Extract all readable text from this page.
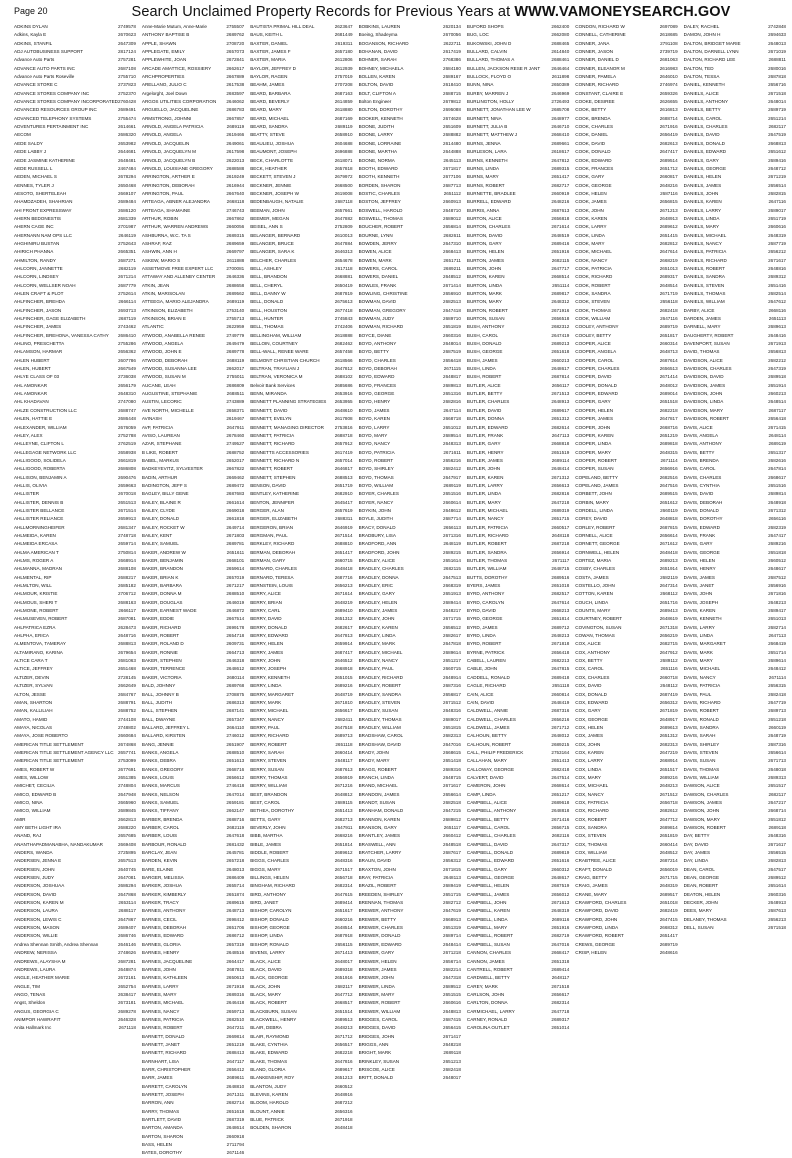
Page 20	Search Unclaimed Property Records for Previous Years at WWW.VAMONEYSEARCH.GOV
ADKINS DYLAN	2749578
Adkins, Kayla E	2670623
ADKINS, STANFIL	2647309
ADJ AUTOBUSINESS SUPPORT	2817124
Advance Auto Parts	2757281
ADVANCE AUTO PARTS INC	2687108
Advance Auto Parts Roseville	2755710
ADVANCE STORE C	2737823
ADVANCE STORES COMPANY INC	2752370
ADVANCE STORES COMPANY INCORPORATED 2760428
ADVANCED RESOURCES GROUP INC	2689491
ADVANCED TELEPHONY SYSTEMS	2755474
ADVENTURES PERTAINMENT INC	2614661
AECOM	2686320
AEDE SALDY	2653982
AEDE LABBY J	2644681
AEDE JASMINE KATHERINE	2648481
AEDE RUSSELL L	2467484
AEDEN, MICHAEL S	2678294
AENNES, TYLER J	2650468
AESOTO, SHERTELEAH	2669107
AHAMDZADEH, SHAHRIAN	2689484
AHI FRONT EXPRESSWAY	2686120
AHERN BEDONESTIS	2681339
AHERN CAGE INC	2701987
AHERNANN NAM OPS LLC	2646119
AHGHINIRU BUSTAN	2752643
AHIRICH PHANNA	2665351
AHMILTON, RANDY	2687271
AHLCORN, JANNETTE	2682119
AHLCORN, LINDSEY	2671214
AHLCORN, WELLSER NOAH	2687779
AHLEN CRAFT & PLOT	2752614
AHLFINCHER, BREHDA	2666114
AHLFINCHER, JASON	2693713
AHLFINCHER, GAGE ELIZABETH	2687119
AHLFINCHER, JAMES	2743462
AHLFINCHER, BREHONA, VANESSA CATHY 2686410
AHLINO, PRESCHETTA	2755286
AHLAMSON, HARMAR	2656362
AHLEN HUBERT	2607786
AHLEN, HUBERT	2667549
AHLYE CLASS OF 03	2736038
AHL AMONKAR	2656179
AHL AMONKAR	2648310
AHL KHADAVAN	2747080
AHLZE CONSTRUCTION LLC	2688747
AHLEN, HATTIE E	2686448
AHLEXANDER, WILLIAM	2676059
AHLEY, ALEX	2752788
AHLLEYNE, CLIFTON L	2762519
AHLLEGAGE NETWORK LLC	2658938
AHLLIGOOD, SOLIDELA	2661819
AHLLIGOOD, ROBERTA	2686808
AHLLISON, BENJAMIN A	2690476
AHLLIS, OLIVIA	2659663
AHLLISTER	2670018
AHLLISTER, DENNIS B	2651513
AHLLISTER BELLANCE	2671514
AHLLISTER RELIANCE	2659913
AHLLMORNINGHEIFER	2681347
AHLMEIDA, KAREN	2748718
AHLMEIDA ERCASA	2659714
AHLMA AMERICAN T	2750814
AHLMS, ROGER A	2668914
AHLMANNA, MADRAN	2688108
AHLMENTAL, RIP	2688217
AHLMLTON, WILL	2685182
AHLMOUR, KRISTIE	2706712
AHLMOUS, SHERI T	2688163
AHLMONE, ROBERT	2666117
AHLMUSEVEN, ROBERT	2687081
AHLPATRICA EZRA	2628473
AHLPHA, ERICA	2648716
ALMENTOVA, TAMERAY	2688813
ALTAMIRANO, KARINA	2679654
ALTICE CARA T	2681063
ALTICE, JEFFREY	2651468
ALTIZER, DEVIN	2728145
ALTIZER, SYLVAN	2662649
ALTON, JESSE	2684767
AMAN, SHARTON	2688791
AMAN, KALLILIAH	2688752
AMATO, HAMID	2744108
AMAYA, NICOLAS	2748802
AMAYA, JOSE ROBERTO	2660684
AMERICAN TITLE SETTLEMENT	2674868
AMERICAN TITLE SETTLEMENT AGENCY LLC 2657741
AMERICAN TITLE SETTLEMENT	2753099
AMES, ROBERT W	2677691
AMES, WILLOW	2651385
AMICHET, CECILIA	2748804
AMICO, EDWARD B	2647948
AMICO, NINA	2665960
AMICO, WILLIAM	2689845
AMIR	2662813
AMY BETH LIGHT IRA	2688220
ANAND, RAJ	2657685
ANANTHAPADMANABHA, NANDAKUMAR	2669408
ANDERS, WANDA	2725895
ANDERSEN, JENNA E	2657513
ANDERSEN, JOHN	2640745
ANDERSEN, JUDY	2647081
ANDERSON, JOSHUAA	2686294
ANDERSON, DAVID	2647868
ANDERSON, KAREN M	2653114
ANDERSON, LAURA	2688117
ANDERSON, LEWIS C	2647867
ANDERSON, MASON	2689407
ANDERSON, WILLIE	2686746
Andrea Shennan Smith, Andrea Shennan	2646146
ANDREW, NERISSA	2748626
ANDREWS, ALAYSHA M	2687281
ANDREWS, LAURA	2648874
ANGLE, HEATHER MARIE	2672161
ANGLE, TIM	2652754
ANGO, TENAS	2638417
Angst, Sheldon	2673181
ANGUS, GEORGIA C	2689278
ANIMPOR HAWRAFIT	2646328
Anita Hallmark Inc	2671118
Anne-Marie Mutum, Anne-Marie	2755507
ANTHONY BAPTISE B	2689762
APPLE, SHAWN	2708720
APPLEGATE, EMILY	2657073
APPLEWHITE, JOAN	2672841
ARCADE AMATTICE, ROSSIERY	2662617
ARCHPROPERTIES	2667889
ARELLANO, JULIO C	2617538
Argelorght, Joel Down	2683597
ARGOS UTILITIES CORPORATION 2646062
ARGUELLO, JACQUELINE	2686783
ARMSTRONG, JOHNNI	2667857
ARNOLD, ANGELA PATRICIA	2689119
ARNOLD, ANGELA	2619466
ARNOLD, JACQUELIN	2649061
ARNOLD, JACQUELYN M	2617598
ARNOLD, JACQUELYN B	2622013
ARNOLD, LOUISIANE GREGORY	2688588
ARRINGTON, ARTHER E	2619249
ARRINGTON, DEBORAH	2616944
ARRINGTON, PAUL	2667640
ARTEAGA, ABNER ALEJANDRA	2668118
ARTEAGA, SHAMAINE	2746743
ARTHUR, ROBIN	2667862
ARTHUR, WARREN ANDREWS	2660056
ASHBURNA, W.C. TA S	2689315
ASHRAF, RAZ	2689659
ASHWIN, ANN H	2669797
ASKEW, MARIO S	2611888
ASSETMOVE FREE EXPERT LLC	2700081
ATTAWAY AND ALLENBY CENTER 2646336
ATKIN, JEAN	2688658
ATKIN, MARISOLAN	2689562
ATTEEGA, MARIO ALEJANDRA	2689119
ATKINSON, ELIZABETH	2753140
ATKINSON, BRIAN E	2755713
ATLANTIC	2622959
ATWOOD, ANABELLA RENEE	2749779
ATWOOD, ANGELA	2649479
ATWOOD, JOHN E	2689778
ATWOOD, DEBORAH	2688119
ATWOOD, SUSANNA LEE	2662017
ATWOOD, SUSAN M	2755011
AUCANE, LEAH	2686809
AUGUSTINE, STEPHANIE	2688511
AUSTIN, LECORIC	2743889
AVE NORTH, MICHELLE	2658371
AVINASH	2619467
AVP, PATRICIA	2647911
AVISO, LAUREAN	2678460
AZAR, STEPHANE	2749527
B LIKE, ROBERT	2688752
BABEL, MARKUS	2652017
BADKEYEVITZ, SYLVESTER	2667822
BADIN, ARTHUR	2669462
BADINGTON, JEFF S	2689472
BAGLEY, BILLY GENE	2687683
BAILEY, BLAINE R	2661614
BAILEY, CLYDE	2669018
BAILEY, DONALD	2661818
BAILEY, ROCKET W	2649714
BAILEY, KENT	2671803
BAILEY, SAMUEL	2689781
BAKER, ANDREW W	2651611
BAKER, BENJAMIN	2668101
BAKER, BRANDON	2659614
BAKER, BRIAN K	2657019
BAKER, BARBARA	2671217
BAKER, DONNA M	2688510
BAKER, DOUGLAS	2646019
BAKER, EARNEST WADE	2646872
BAKER, EDDIE	2667514
BAKER, RICHARD	2699178
BAKER, ROBERT	2654718
BAKER, ROLAND D	2609731
BAKER, RONNIE	2664713
BAKER, STEPHEN	2646318
BAKER, TERRENCE	2648612
BAKER, VICTORIA	2680114
BALD, JOHNNY	2689768
BALL, JOHNNY B	2708875
BALL, JUDITH	2686313
BALL, STEPHEN	2687141
BALL, DWAYNE	2657347
BALLARD, JEFFREY L	2664110
BALLARD, KIRSTEN	2746012
BANG, JENNIE	2651907
BANKS, ANGELA	2688510
BANKS, DEBRA	2651613
BANKS, GREGORY	2668716
BANKS, LOUIS	2656612
BANKS, MARCUS	2746418
BANKS, NELSON	2647014
BANKS, SAMUEL	2659181
BANKS, TIFFANY	2662147
BARBER, BRENDA	2688716
BARBER, CAROL	2682119
BARBER, LOUIS	2647618
BARBOUR, RONALD	2681432
BARCLAY, JEAN	2645781
BARDEN, KEVIN	2657218
BARE, ELAINE	2648013
BARGER, MELISSA	2686409
BARKER, JOSHUA	2655714
BARKER, KIMBERLY	2651874
BARKER, TRACY	2689615
BARNES, ANTHONY	2648713
BARNES, CECIL	2698412
BARNES, DEBORAH	2651706
BARNES, EDWARD	2686712
BARNES, GLORIA	2657319
BARNES, HENRY	2648516
BARNES, JACQUELINE	2664417
BARNES, JOHN	2687811
BARNES, KATHLEEN	2650613
BARNES, LARRY	2671918
BARNES, MARY	2689316
BARNES, MICHAEL	2646418
BARNES, NANCY	2659713
BARNES, PATRICIA	2682510
BARNES, ROBERT	2647211
BARNETT, DONALD	2669814
BARNETT, JANET	2651219
BARNETT, RICHARD	2688413
BARNHART, LISA	2647117
BARR, CHRISTOPHER	2656412
BARR, JAMES	2689611
BARRETT, CAROLYN	2648810
BARRETT, JOSEPH	2671311
BARRON, ANN	2682714
BARRY, THOMAS	2651618
BARTLETT, DAVID	2687319
BARTON, AMANDA	2648614
BARTON, SHARON	2660918
BASS, HELEN	2711794
BATES, DOROTHY	2671146
BAUTISTA PRIMAL HILL DEAL	2623647
BAUS, KEITH L	2681449
BAXTER, DANIEL	2619311
BAXTER, JAMES F	2657180
BAXTER, MARIA	2612806
BAYLOR, JEFFREY D	2612939
BAYLOR, RAGEN	2757019
BEAHM, JAMES	2707208
BEARD, BARBARA	2687163
BEARD, BEVERLY	2614859
BEARD, MARY	2618880
BEARD, MICHAEL	2687169
BEARD, SANDRA	2689119
BEATTY, STEVE	2658910
BEAULIEU, JOSHUA	2604688
BEAUMONT, JOSEPH	2696888
BECK, CHARLOTTE	2618071
BECK, HEATHER	2657818
BECKETT, STEVEN J	2679972
BECKNER, JENNIE	2668500
BECKNER, JOSEPH W	2619008
BEDENBAUGH, NATALIE	2687118
BEEMAN, JOHN	2657661
BEEMER, MEGAN	2647882
BEISEL, ANN S	2752809
BELANGER, BERNARD	2610013
BELANGER, BRUCE	2647884
BELANGER, SARA K	2646313
BELCHER, CHARLES	2654678
BELL, ASHLEY	2617118
BELL, BRANDON	2668881
BELL, CHERYL	2650419
BELL, DANNY W	2687819
BELL, DONALD	2675613
BELL, HOUSTON	2677418
BELL, HUNTER	2745843
BELL, THOMAS	2742406
BELLINGHAM, WILLIAM	2618888
BELLOIN, COURTNEY	2682462
BELL-WALL, RENEE WARE	2657458
BELMONT CHRISTIAN CHURCH	2618566
BELTRAN, TRAYLIAN J	2647812
BELTRAN, VERONICA M	2688102
Belvoir Bank Services	2685686
BENN, MIRANDA	2653916
BENNETT PLANNING STRATEGIES 2653955
BENNETT, DAVID	2648610
BENNETT, EVELYN	2617808
BENNETT, MANAGING DIRECTOR 2753816
BENNETT, PATRICIA	2688718
BENNETT, RICHARD	2657912
BENNETTS ACCESSORIES	2617419
BENNETT, RICHARD N	2657014
BENNETT, ROBERT	2646817
BENNETT, STEPHEN	2688513
BENSON, DAVID	2651719
BENTLEY, KATHERINE	2682910
BENTON, JENNIFER	2645417
BERGER, ALAN	2657619
BERGER, ELIZABETH	2688311
BERGERON, BRIAN	2646919
BERGMAN, PAUL	2671514
BERKLEY, RICHARD	2688810
BERMAN, DEBORAH	2651417
BERMAN, GARY	2660715
BERNARD, CHARLES	2648418
BERNARD, TERESA	2687716
BERNSTEIN, LOUIS	2656213
BERRY, ALICE	2671614
BERRY, BRIAN	2648219
BERRY, CARL	2689410
BERRY, DAVID	2651312
BERRY, DONALD	2682617
BERRY, EDWARD	2647813
BERRY, HELEN	2659914
BERRY, JAMES	2687417
BERRY, JOHN	2646512
BERRY, JOSEPH	2668918
BERRY, KENNETH	2651015
BERRY, LINDA	2689216
BERRY, MARGARET	2648719
BERRY, MARK	2671810
BERRY, MICHAEL	2656617
BERRY, NANCY	2682411
BERRY, PAUL	2647518
BERRY, RICHARD	2689713
BERRY, ROBERT	2651118
BERRY, SARAH	2660414
BERRY, STEVEN	2648117
BERRY, SUSAN	2687613
BERRY, THOMAS	2656919
BERRY, WILLIAM	2671216
BEST, BRANDON	2648812
BEST, CAROL	2689115
BETHEA, DOROTHY	2651413
BETTS, GARY	2682713
BEVERLY, JOHN	2647911
BIBB, MARTHA	2668216
BIBLE, JAMES	2651814
BIDDLE, ROBERT	2689612
BIGGS, CHARLES	2648316
BIGGS, MARY	2671517
BILLINGS, HELEN	2656718
BINGHAM, RICHARD	2682314
BIRD, ANTHONY	2647615
BIRD, JANET	2689414
BISHOP, CAROLYN	2651617
BISHOP, DONALD	2660216
BISHOP, GEORGE	2648514
BISHOP, LINDA	2687918
BISHOP, RONALD	2656115
BIVENS, LARRY	2671413
BLACK, ALICE	2648017
BLACK, DAVID	2689318
BLACK, GEORGE	2651916
BLACK, JOHN	2682117
BLACK, MARY	2647712
BLACK, ROBERT	2668517
BLACKBURN, SUSAN	2651514
BLACKWELL, HENRY	2689513
BLAIR, DEBRA	2648213
BLAIR, RAYMOND	2671712
BLAKE, CYNTHIA	2656517
BLAKE, EDWARD	2682218
BLAKE, THOMAS	2647816
BLAND, GLORIA	2689617
BLANKENSHIP, ROY	2651213
BLANTON, JUDY	2660512
BLEVINS, KAREN	2648916
BLOOM, HAROLD	2687212
BLOUNT, ANNIE	2656316
BLUE, PATRICK	2671918
BOLDEN, SHARON	2648418
BOBKINS, LAUREN	2620134
Boeing, Shadeyma	2670056
BOGANSON, RICHARD	2622711
BOHANAN, DAVID	2617419
BOHNER, SARAH	2768386
BOHNEY, MICHAELA	2684180
BOLLEN, KAREN	2689167
BOLTON, DAVID	2618410
BOLT, CLIFTON A	2688715
Bolton Engineer	2679812
BOLTON, DOROTHY	2695088
BOOKER, KENNETH	2674628
BOONE, JUDITH	2651609
BOONE, LARRY	2688882
BOONE, LORRAINE	2614480
BOONE, MARTHA	2644888
BOONE, NORMA	2645113
BOOTH, EDWARD	2671817
BOOTH, KENNETH	2677106
BORDEN, SHARON	2687713
BOSTIC, CHARLES	2651112
BOSTON, JEFFREY	2660913
BOSWELL, HAROLD	2648710
BOSWELL, THOMAS	2689012
BOUCHER, ROBERT	2656814
BOURNE, LYNN	2682611
BOWDEN, JERRY	2647310
BOWEN, ALICE	2668413
BOWEN, MARK	2651711
BOWERS, CAROL	2689211
BOWERS, DANIEL	2648512
BOWLES, FRANK	2671414
BOWLING, CHRISTINE	2656910
BOWMAN, DAVID	2682513
BOWMAN, GREGORY	2647418
BOWMAN, JUDY	2689710
BOWMAN, RICHARD	2651819
BOYCE, DIANE	2660316
BOYD, ANTHONY	2648014
BOYD, BETTY	2687519
BOYD, CHARLES	2656418
BOYD, DEBORAH	2671115
BOYD, EDWARD	2648817
BOYD, FRANCES	2689813
BOYD, GEORGE	2651316
BOYD, HENRY	2682816
BOYD, JAMES	2647114
BOYD, KAREN	2668718
BOYD, LARRY	2651012
BOYD, MARY	2689514
BOYD, NANCY	2648313
BOYD, PATRICIA	2671611
BOYD, ROBERT	2656216
BOYD, SHIRLEY	2682412
BOYD, THOMAS	2647917
BOYD, WILLIAM	2689119
BOYER, CHARLES	2651516
BOYER, NANCY	2660614
BOYKIN, JOHN	2648612
BOYLE, JUDITH	2687714
BRACY, DONALD	2656113
BRADBURY, LISA	2671316
BRADFORD, ANN	2648119
BRADFORD, JOHN	2689215
BRADLEY, ALICE	2651614
BRADLEY, CHARLES	2682115
BRADLEY, DONNA	2647513
BRADLEY, ERIC	2668319
BRADLEY, GARY	2651913
BRADLEY, HELEN	2689414
BRADLEY, JAMES	2648217
BRADLEY, JOHN	2671715
BRADLEY, KAREN	2656512
BRADLEY, LINDA	2682617
BRADLEY, MARK	2647818
BRADLEY, MICHAEL	2689614
BRADLEY, NANCY	2651217
BRADLEY, PAUL	2660715
BRADLEY, RICHARD	2648914
BRADLEY, ROBERT	2687316
BRADLEY, SANDRA	2656817
BRADLEY, STEVEN	2671512
BRADLEY, SUSAN	2648316
BRADLEY, THOMAS	2689017
BRADLEY, WILLIAM	2651815
BRADSHAW, CAROL	2682313
BRADSHAW, DAVID	2647016
BRADY, JOHN	2668615
BRADY, MARY	2651418
BRAGG, ROBERT	2689316
BRANCH, LINDA	2648715
BRAND, MICHAEL	2671617
BRANDON, JAMES	2656614
BRANDT, SUSAN	2682518
BRANHAM, DONALD	2647215
BRANNON, KAREN	2689812
BRANSON, GARY	2651117
BRANTLEY, JAMES	2660412
BRASWELL, ANN	2648518
BRATCHER, LARRY	2687617
BRAUN, DAVID	2656312
BRAXTON, JOHN	2671815
BRAY, PATRICIA	2648113
BRAZIL, ROBERT	2689419
BREEDEN, SHIRLEY	2651715
BRENNAN, THOMAS	2682712
BREWER, ANTHONY	2647619
BREWER, BETTY	2668913
BREWER, CHARLES	2651319
BREWER, DONALD	2689714
BREWER, EDWARD	2648414
BREWER, GARY	2671218
BREWER, HELEN	2656714
BREWER, JAMES	2682214
BREWER, JOHN	2647318
BREWER, LINDA	2689512
BREWER, MARY	2651515
BREWER, ROBERT	2660616
BREWER, WILLIAM	2648813
BRIDGES, CAROL	2687415
BRIDGES, DAVID	2656415
BRIDGES, JOHN	2671417
BRIGGS, ANN	2648218
BRIGHT, MARK	2689118
BRINKLEY, SUSAN	2651213
BRISCOE, ALICE	2682418
BRITT, DONALD	2648017
BUFORD SHOPS	2662400
BUG, LOC	2662080
BUKOWSKI, JOHN D	2688465
BULLARD, CALVIN	2614840
BULLARD, THOMAS A	2688461
BULLEN, JACKSON RESE R JANT 2646464
BULLOCK, FLOYD O	2611898
BUNN, NINA	2650389
BURBY, MARREN J	2646969
BURLINGTON, HOLLY	2726493
BURNETT, JONATHAN LEE W	2685708
BURNETT, NINA	2648977
BURNETT, JULIA B	2646710
BURNETT, MATTHEW J	2668410
BURNS, JENNA	2689661
BURLESON, LARA	2618617
BURNS, KENNETH	2647812
BURNS, LINDA	2689315
BURNS, MARY	2651417
BURNS, ROBERT	2682717
BURNETTE, BRADLEE	2660919
BURRELL, EDWARD	2648216
BURRIS, ANNA	2687613
BURTON, ALICE	2656818
BURTON, CHARLES	2671614
BURTON, DAVID	2648519
BURTON, GARY	2689416
BURTON, HELEN	2651916
BURTON, JAMES	2682115
BURTON, JOHN	2647717
BURTON, KAREN	2668514
BURTON, LINDA	2651114
BURTON, MARK	2689817
BURTON, MARY	2648312
BURTON, ROBERT	2671916
BURTON, SUSAN	2656518
BUSH, ANTHONY	2682312
BUSH, CAROL	2647419
BUSH, DONALD	2689213
BUSH, GEORGE	2651618
BUSH, JAMES	2660213
BUSH, LINDA	2648617
BUSH, ROBERT	2687814
BUTLER, ALICE	2656117
BUTLER, BETTY	2671513
BUTLER, CHARLES	2648913
BUTLER, DAVID	2689617
BUTLER, DONNA	2651312
BUTLER, EDWARD	2682614
BUTLER, FRANK	2647113
BUTLER, GARY	2668818
BUTLER, HENRY	2651519
BUTLER, JAMES	2689114
BUTLER, JOHN	2648414
BUTLER, KAREN	2671312
BUTLER, LARRY	2656613
BUTLER, LINDA	2682816
BUTLER, MARY	2647218
BUTLER, MICHAEL	2689319
BUTLER, NANCY	2651715
BUTLER, PATRICIA	2660517
BUTLER, RICHARD	2648118
BUTLER, ROBERT	2687218
BUTLER, SANDRA	2656914
BUTLER, THOMAS	2671117
BUTLER, WILLIAM	2648715
BUTTS, DOROTHY	2689516
BYERS, JAMES	2651018
BYRD, ANTHONY	2682517
BYRD, CAROLYN	2647614
BYRD, DAVID	2668213
BYRD, GEORGE	2651814
BYRD, JAMES	2689712
BYRD, LINDA	2648213
BYRD, ROBERT	2671818
BYRNE, PATRICK	2656418
CABELL, LAUREN	2682213
CABLE, JOHN	2647815
CADDELL, RONALD	2689418
CAGLE, RICHARD	2651118
CAIN, ALICE	2660814
CAIN, DAVID	2648419
CALDWELL, ANNIE	2687316
CALDWELL, CHARLES	2656216
CALDWELL, JAMES	2671712
CALHOUN, BETTY	2648012
CALHOUN, ROBERT	2689215
CALL, PHILIP FREDERICK	2753164
CALLAHAN, MARY	2651413
CALLOWAY, GEORGE	2682418
CALVERT, DAVID	2647514
CAMERON, JOHN	2668614
CAMP, LINDA	2651217
CAMPBELL, ALICE	2689618
CAMPBELL, ANTHONY	2648818
CAMPBELL, BETTY	2671416
CAMPBELL, CAROL	2656715
CAMPBELL, CHARLES	2682116
CAMPBELL, DAVID	2647317
CAMPBELL, DONALD	2689819
CAMPBELL, EDWARD	2651616
CAMPBELL, GARY	2660312
CAMPBELL, GEORGE	2648617
CAMPBELL, HELEN	2687519
CAMPBELL, JAMES	2656012
CAMPBELL, JOHN	2671613
CAMPBELL, KAREN	2648319
CAMPBELL, LINDA	2689116
CAMPBELL, MARY	2651916
CAMPBELL, ROBERT	2682719
CAMPBELL, SUSAN	2647016
CANNON, CHARLES	2668417
CANNON, JAMES	2651318
CANTRELL, ROBERT	2689414
CARDWELL, BETTY	2648117
CAREY, MARK	2671518
CARLSON, JOHN	2656617
CARLTON, DONNA	2682314
CARMICHAEL, LARRY	2647718
CARNEY, RONALD	2689317
CAROLINA OUTLET	2651014
CONDON, RICHARD W	2697089
CONNELL, CATHERINE	2618685
CONNER, JANA	2791108
CONNER, JASON	2739719
CONNER, DANIEL D	2681063
CONNER, ELEANOR M	2616983
CONNER, PAMELA	2646010
CONNER, RICHARD	2746974
CONSTANT, CLAIRE E	2659326
COOKE, DESIREE	2626655
COOK, BETTY	2616813
COOK, BRENDA	2688714
COOK, CHARLES	2671916
COOK, DANIEL	2656419
COOK, DAVID	2682613
COOK, DONALD	2647417
COOK, EDWARD	2689514
COOK, FRANCES	2651712
COOK, GARY	2660817
COOK, GEORGE	2648216
COOK, HELEN	2687116
COOK, JAMES	2656815
COOK, JOHN	2671213
COOK, KAREN	2648913
COOK, LARRY	2689612
COOK, LINDA	2651415
COOK, MARY	2682812
COOK, MICHAEL	2647614
COOK, NANCY	2668219
COOK, PATRICIA	2651013
COOK, RICHARD	2689317
COOK, ROBERT	2648514
COOK, SANDRA	2671719
COOK, STEVEN	2656118
COOK, THOMAS	2682418
COOK, WILLIAM	2647116
COOLEY, ANTHONY	2689719
COOLEY, BETTY	2651817
COOPER, ALICE	2660314
COOPER, ANGELA	2648713
COOPER, CAROL	2687614
COOPER, CHARLES	2656513
COOPER, DAVID	2671414
COOPER, DONALD	2648012
COOPER, EDWARD	2689014
COOPER, GARY	2651518
COOPER, HELEN	2682218
COOPER, JAMES	2647817
COOPER, JOHN	2668716
COOPER, KAREN	2651219
COOPER, LINDA	2689818
COOPER, MARY	2648315
COOPER, ROBERT	2671114
COOPER, SUSAN	2656916
COPELAND, BETTY	2682516
COPELAND, JAMES	2647516
CORBETT, JOHN	2689515
CORBIN, MARY	2651612
CORDELL, LINDA	2660119
COREY, DAVID	2648818
CORLEY, ROBERT	2687815
CORNELL, ALICE	2656614
CORNETT, GEORGE	2671612
CORNWELL, HELEN	2648418
CORTEZ, MARIA	2689213
COSBY, CHARLES	2651914
COSTA, JAMES	2682119
COSTELLO, JOHN	2647314
COTTON, KAREN	2668112
COUCH, LINDA	2651716
COUNTS, MARY	2689413
COURTNEY, ROBERT	2648619
COVINGTON, SUSAN	2671318
COWAN, THOMAS	2656219
COX, ALICE	2682715
COX, ANTHONY	2647912
COX, BETTY	2689112
COX, CAROL	2651116
COX, CHARLES	2660718
COX, DAVID	2648112
COX, DONALD	2687419
COX, EDWARD	2656312
COX, GARY	2671819
COX, GEORGE	2648917
COX, HELEN	2689613
COX, JAMES	2651312
COX, JOHN	2682313
COX, KAREN	2647219
COX, LARRY	2668914
COX, LINDA	2651517
COX, MARY	2689216
COX, MICHAEL	2648213
COX, NANCY	2671512
COX, PATRICIA	2656718
COX, RICHARD	2682612
COX, ROBERT	2647712
COX, SANDRA	2689814
COX, STEVEN	2651819
COX, THOMAS	2660414
COX, WILLIAM	2648512
CRABTREE, ALICE	2687214
CRAFT, DONALD	2656019
CRAIG, BETTY	2671715
CRAIG, JAMES	2648319
CRANE, MARY	2689517
CRAWFORD, CHARLES	2651018
CRAWFORD, DAVID	2682419
CRAWFORD, JOHN	2647415
CRAWFORD, LINDA	2668312
CRAWFORD, ROBERT	2651417
CREWS, GEORGE	2689719
CRISP, HELEN	2648616
DALEY, RACHEL	2742848
DAMON, JOHN H	2694633
DALTON, BRIDGET MARIE	2648013
DALTON, DARNELL LYNN	2671019
DALTON, RICHARD LEE	2688811
DALTON, TED	2680016
DALTON, TESSA	2687818
DANIEL, KENNETH	2656716
DANIELS, ALICE	2671518
DANIELS, ANTHONY	2648014
DANIELS, BETTY	2689719
DANIELS, CAROL	2651214
DANIELS, CHARLES	2682117
DANIELS, DAVID	2647519
DANIELS, DONALD	2668813
DANIELS, EDWARD	2651612
DANIELS, GARY	2689416
DANIELS, GEORGE	2648712
DANIELS, HELEN	2671219
DANIELS, JAMES	2656514
DANIELS, JOHN	2682815
DANIELS, KAREN	2647116
DANIELS, LARRY	2689017
DANIELS, LINDA	2651719
DANIELS, MARY	2660616
DANIELS, MICHAEL	2648319
DANIELS, NANCY	2687719
DANIELS, PATRICIA	2656212
DANIELS, RICHARD	2671617
DANIELS, ROBERT	2648816
DANIELS, SANDRA	2689312
DANIELS, STEVEN	2651416
DANIELS, THOMAS	2682514
DANIELS, WILLIAM	2647612
DARBY, ALICE	2668116
DARDEN, JAMES	2651113
DARNELL, MARY	2689613
DAUGHERTY, ROBERT	2648416
DAVENPORT, SUSAN	2671913
DAVID, THOMAS	2656813
DAVIDSON, ALICE	2682212
DAVIDSON, CHARLES	2647319
DAVIDSON, DAVID	2689518
DAVIDSON, JAMES	2651914
DAVIDSON, JOHN	2660213
DAVIDSON, LINDA	2648514
DAVIDSON, MARY	2687117
DAVIDSON, ROBERT	2656418
DAVIS, ALICE	2671415
DAVIS, ANGELA	2648114
DAVIS, ANTHONY	2689119
DAVIS, BETTY	2651317
DAVIS, BRENDA	2682616
DAVIS, CAROL	2647814
DAVIS, CHARLES	2668617
DAVIS, CYNTHIA	2651516
DAVIS, DAVID	2689814
DAVIS, DEBORAH	2648918
DAVIS, DONALD	2671312
DAVIS, DOROTHY	2656116
DAVIS, EDWARD	2682319
DAVIS, FRANK	2647417
DAVIS, GARY	2689216
DAVIS, GEORGE	2651818
DAVIS, HELEN	2660512
DAVIS, HENRY	2648617
DAVIS, JAMES	2687512
DAVIS, JANET	2656916
DAVIS, JOHN	2671816
DAVIS, JOSEPH	2648213
DAVIS, KAREN	2689417
DAVIS, KENNETH	2651013
DAVIS, LARRY	2682714
DAVIS, LINDA	2647113
DAVIS, MARGARET	2668419
DAVIS, MARK	2651714
DAVIS, MARY	2689614
DAVIS, MICHAEL	2648412
DAVIS, NANCY	2671114
DAVIS, PATRICIA	2656315
DAVIS, PAUL	2682418
DAVIS, RICHARD	2647719
DAVIS, ROBERT	2689713
DAVIS, RONALD	2651218
DAVIS, SANDRA	2660119
DAVIS, SARAH	2648719
DAVIS, SHIRLEY	2687316
DAVIS, STEVEN	2656614
DAVIS, SUSAN	2671713
DAVIS, THOMAS	2648018
DAVIS, WILLIAM	2689313
DAWSON, ALICE	2651517
DAWSON, CHARLES	2682117
DAWSON, JAMES	2647217
DAWSON, JOHN	2668714
DAWSON, MARY	2651812
DAWSON, ROBERT	2689118
DAY, BETTY	2648316
DAY, DAVID	2671617
DAY, JAMES	2656515
DAY, LINDA	2682813
DEAN, CAROL	2647517
DEAN, GEORGE	2689512
DEAN, ROBERT	2651614
DEATON, HELEN	2660316
DECKER, JOHN	2648913
DEES, MARY	2687613
DELANEY, THOMAS	2656213
DELL, SUSAN	2671518
